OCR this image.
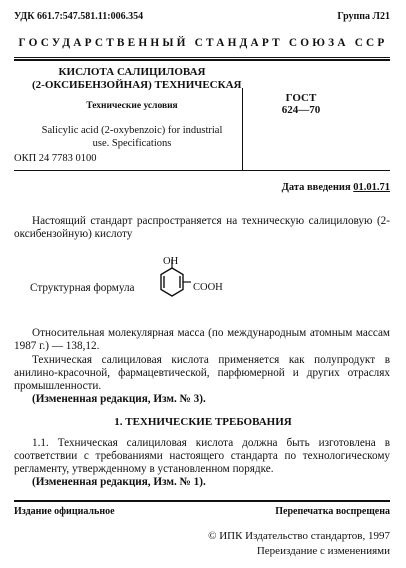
УДК 661.7:547.581.11:006.354	Группа Л21
ГОСУДАРСТВЕННЫЙ СТАНДАРТ СОЮЗА ССР
КИСЛОТА САЛИЦИЛОВАЯ
(2-ОКСИБЕНЗОЙНАЯ) ТЕХНИЧЕСКАЯ
Технические условия
Salicylic acid (2-oxybenzoic) for industrial use. Specifications
ГОСТ
624—70
ОКП 24 7783 0100
Дата введения 01.01.71
Настоящий стандарт распространяется на техническую салициловую (2-оксибензойную) кислоту
Структурная формула
OH
COOH
Относительная молекулярная масса (по международным атомным массам 1987 г.) — 138,12.
Техническая салициловая кислота применяется как полупродукт в анилино-красочной, фармацевтической, парфюмерной и других отраслях промышленности.
(Измененная редакция, Изм. № 3).
1. ТЕХНИЧЕСКИЕ ТРЕБОВАНИЯ
1.1. Техническая салициловая кислота должна быть изготовлена в соответствии с требованиями настоящего стандарта по технологическому регламенту, утвержденному в установленном порядке.
(Измененная редакция, Изм. № 1).
Издание официальное	Перепечатка воспрещена
© ИПК Издательство стандартов, 1997
Переиздание с изменениями
